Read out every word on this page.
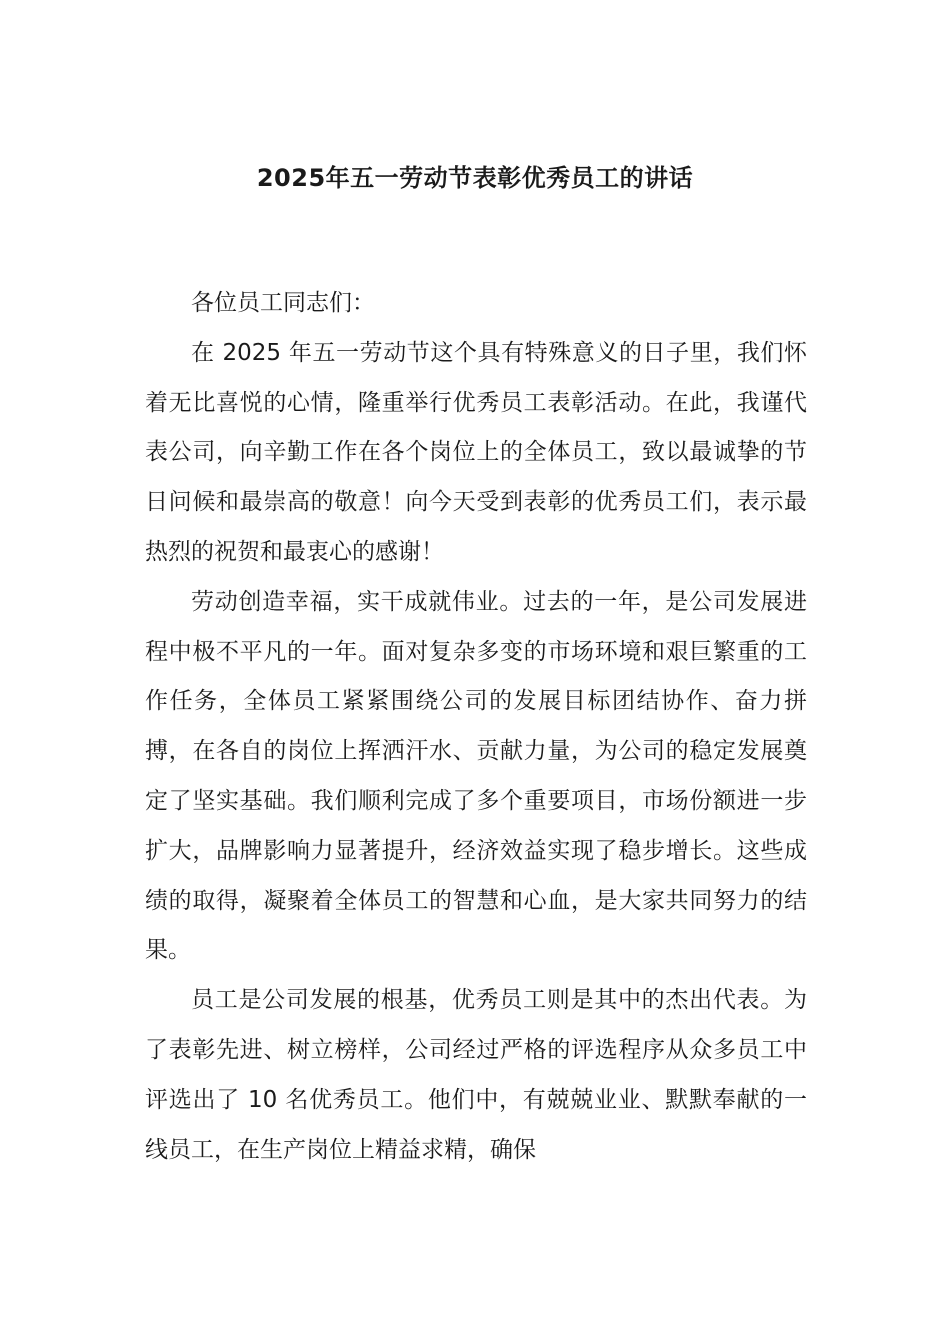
2025年五一劳动节表彰优秀员工的讲话

各位员工同志们：

在 2025 年五一劳动节这个具有特殊意义的日子里，我们怀着无比喜悦的心情，隆重举行优秀员工表彰活动。在此，我谨代表公司，向辛勤工作在各个岗位上的全体员工，致以最诚挚的节日问候和最崇高的敬意！向今天受到表彰的优秀员工们，表示最热烈的祝贺和最衷心的感谢！

劳动创造幸福，实干成就伟业。过去的一年，是公司发展进程中极不平凡的一年。面对复杂多变的市场环境和艰巨繁重的工作任务，全体员工紧紧围绕公司的发展目标团结协作、奋力拼搏，在各自的岗位上挥洒汗水、贡献力量，为公司的稳定发展奠定了坚实基础。我们顺利完成了多个重要项目，市场份额进一步扩大，品牌影响力显著提升，经济效益实现了稳步增长。这些成绩的取得，凝聚着全体员工的智慧和心血，是大家共同努力的结果。

员工是公司发展的根基，优秀员工则是其中的杰出代表。为了表彰先进、树立榜样，公司经过严格的评选程序从众多员工中评选出了 10 名优秀员工。他们中，有兢兢业业、默默奉献的一线员工，在生产岗位上精益求精，确保
